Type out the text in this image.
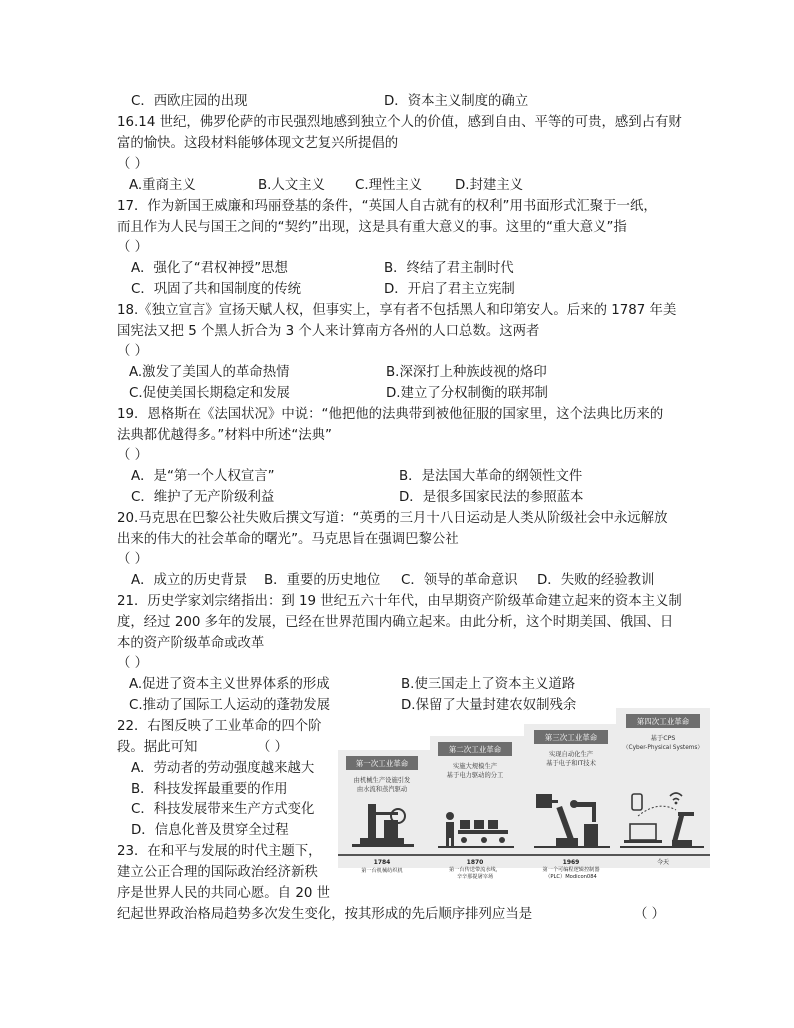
C．西欧庄园的出现	D．资本主义制度的确立
16.14 世纪，佛罗伦萨的市民强烈地感到独立个人的价值，感到自由、平等的可贵，感到占有财
富的愉快。这段材料能够体现文艺复兴所提倡的
（ ）
A.重商主义	B.人文主义 C.理性主义 D.封建主义
17．作为新国王威廉和玛丽登基的条件，“英国人自古就有的权利”用书面形式汇聚于一纸，
而且作为人民与国王之间的“契约”出现，这是具有重大意义的事。这里的“重大意义”指
（ ）
A．强化了“君权神授”思想	B．终结了君主制时代
C．巩固了共和国制度的传统	D．开启了君主立宪制
18.《独立宣言》宣扬天赋人权，但事实上，享有者不包括黑人和印第安人。后来的 1787 年美
国宪法又把 5 个黑人折合为 3 个人来计算南方各州的人口总数。这两者
（ ）
A.激发了美国人的革命热情	B.深深打上种族歧视的烙印
C.促使美国长期稳定和发展	D.建立了分权制衡的联邦制
19．恩格斯在《法国状况》中说：“他把他的法典带到被他征服的国家里，这个法典比历来的
法典都优越得多。”材料中所述“法典”
（ ）
A．是“第一个人权宣言”	B．是法国大革命的纲领性文件
C．维护了无产阶级利益	D．是很多国家民法的参照蓝本
20.马克思在巴黎公社失败后撰文写道：“英勇的三月十八日运动是人类从阶级社会中永远解放
出来的伟大的社会革命的曙光”。马克思旨在强调巴黎公社
（ ）
A．成立的历史背景 B．重要的历史地位 C．领导的革命意识 D．失败的经验教训
21．历史学家刘宗绪指出：到 19 世纪五六十年代，由早期资产阶级革命建立起来的资本主义制
度，经过 200 多年的发展，已经在世界范围内确立起来。由此分析，这个时期美国、俄国、日
本的资产阶级革命或改革
（ ）
A.促进了资本主义世界体系的形成	B.使三国走上了资本主义道路
C.推动了国际工人运动的蓬勃发展	D.保留了大量封建农奴制残余
22．右图反映了工业革命的四个阶
段。据此可知	（ ）
A．劳动者的劳动强度越来越大
B．科技发挥最重要的作用
C．科技发展带来生产方式变化
D．信息化普及贯穿全过程
23．在和平与发展的时代主题下，
建立公正合理的国际政治经济新秩
序是世界人民的共同心愿。自 20 世
纪起世界政治格局趋势多次发生变化，按其形成的先后顺序排列应当是	（ ）
第一次工业革命
第二次工业革命
第三次工业革命
第四次工业革命
由机械生产设施引发
由水流和蒸汽驱动
实施大规模生产
基于电力驱动的分工
实现自动化生产
基于电子和IT技术
基于CPS
（Cyber-Physical Systems）
1784
第一台机械纺织机
1870
第一台传送带流水线，
辛辛那提屠宰场
1969
第一个可编程逻辑控制器
（PLC）Modicon084
今天
